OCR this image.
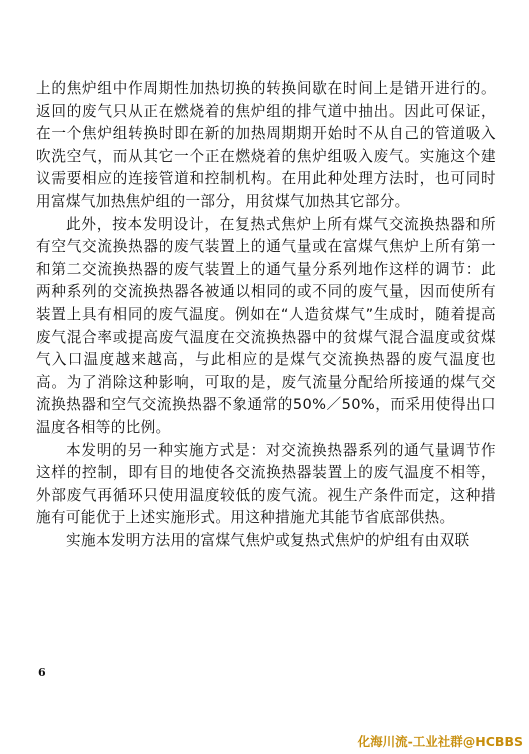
上的焦炉组中作周期性加热切换的转换间歇在时间上是错开进行的。返回的废气只从正在燃烧着的焦炉组的排气道中抽出。因此可保证，在一个焦炉组转换时即在新的加热周期期开始时不从自己的管道吸入吹洗空气，而从其它一个正在燃烧着的焦炉组吸入废气。实施这个建议需要相应的连接管道和控制机构。在用此种处理方法时，也可同时用富煤气加热焦炉组的一部分，用贫煤气加热其它部分。

此外，按本发明设计，在复热式焦炉上所有煤气交流换热器和所有空气交流换热器的废气装置上的通气量或在富煤气焦炉上所有第一和第二交流换热器的废气装置上的通气量分系列地作这样的调节：此两种系列的交流换热器各被通以相同的或不同的废气量，因而使所有装置上具有相同的废气温度。例如在“人造贫煤气”生成时，随着提高废气混合率或提高废气温度在交流换热器中的贫煤气混合温度或贫煤气入口温度越来越高，与此相应的是煤气交流换热器的废气温度也高。为了消除这种影响，可取的是，废气流量分配给所接通的煤气交流换热器和空气交流换热器不象通常的50%／50%，而采用使得出口温度各相等的比例。

本发明的另一种实施方式是：对交流换热器系列的通气量调节作这样的控制，即有目的地使各交流换热器装置上的废气温度不相等，外部废气再循环只使用温度较低的废气流。视生产条件而定，这种措施有可能优于上述实施形式。用这种措施尤其能节省底部供热。

实施本发明方法用的富煤气焦炉或复热式焦炉的炉组有由双联

6
化海川流-工业社群@HCBBS
